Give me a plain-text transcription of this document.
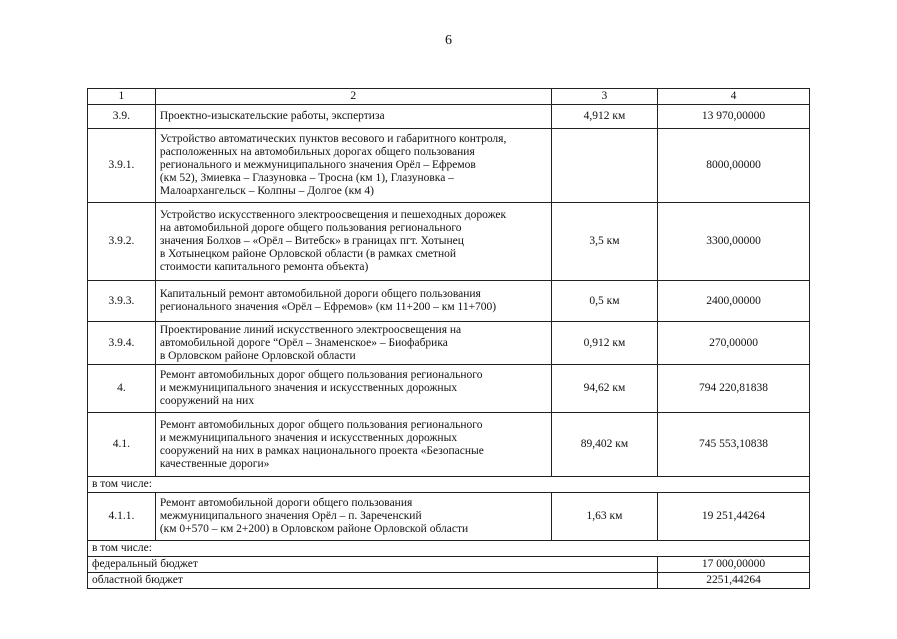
6
1	2	3	4
3.9.	Проектно-изыскательские работы, экспертиза	4,912 км	13 970,00000
3.9.1.	Устройство автоматических пунктов весового и габаритного контроля,
расположенных на автомобильных дорогах общего пользования
регионального и межмуниципального значения Орёл – Ефремов
(км 52), Змиевка – Глазуновка – Тросна (км 1), Глазуновка –
Малоархангельск – Колпны – Долгое (км 4)		8000,00000
3.9.2.	Устройство искусственного электроосвещения и пешеходных дорожек
на автомобильной дороге общего пользования регионального
значения Болхов – «Орёл – Витебск» в границах пгт. Хотынец
в Хотынецком районе Орловской области (в рамках сметной
стоимости капитального ремонта объекта)	3,5 км	3300,00000
3.9.3.	Капитальный ремонт автомобильной дороги общего пользования
регионального значения «Орёл – Ефремов» (км 11+200 – км 11+700)	0,5 км	2400,00000
3.9.4.	Проектирование линий искусственного электроосвещения на
автомобильной дороге “Орёл – Знаменское» – Биофабрика
в Орловском районе Орловской области	0,912 км	270,00000
4.	Ремонт автомобильных дорог общего пользования регионального
и межмуниципального значения и искусственных дорожных
сооружений на них	94,62 км	794 220,81838
4.1.	Ремонт автомобильных дорог общего пользования регионального
и межмуниципального значения и искусственных дорожных
сооружений на них в рамках национального проекта «Безопасные
качественные дороги»	89,402 км	745 553,10838
в том числе:			
4.1.1.	Ремонт автомобильной дороги общего пользования
межмуниципального значения Орёл – п. Зареченский
(км 0+570 – км 2+200) в Орловском районе Орловской области	1,63 км	19 251,44264
в том числе:			
федеральный бюджет			17 000,00000
областной бюджет			2251,44264
